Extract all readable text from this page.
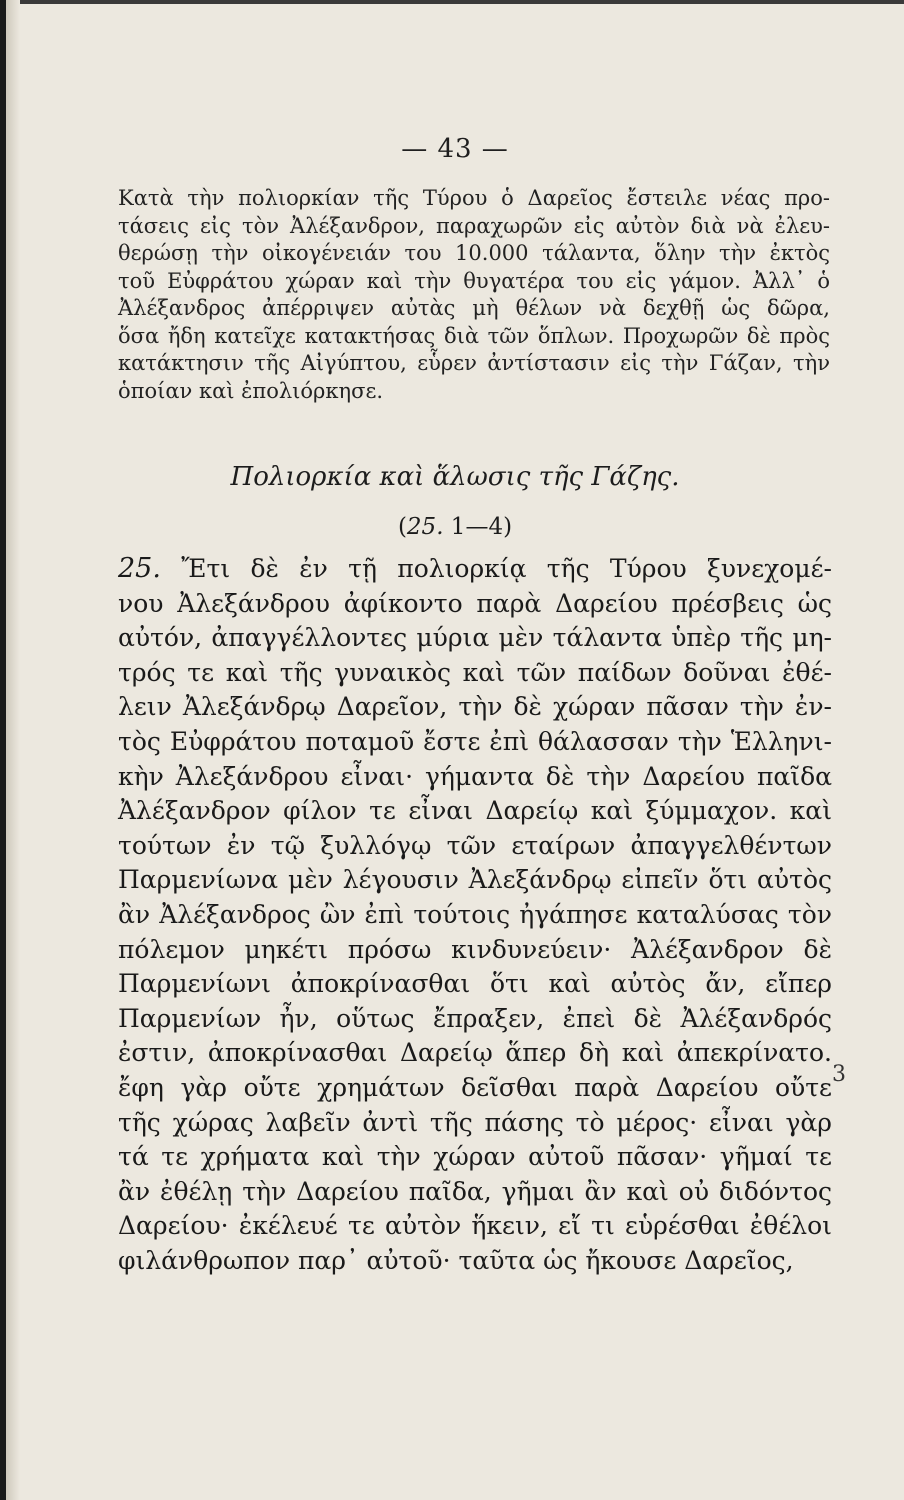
— 43 —

Κατὰ τὴν πολιορκίαν τῆς Τύρου ὁ Δαρεῖος ἔστειλε νέας προ-

τάσεις εἰς τὸν Ἀλέξανδρον, παραχωρῶν εἰς αὐτὸν διὰ νὰ ἐλευ-

θερώσῃ τὴν οἰκογένειάν του 10.000 τάλαντα, ὅλην τὴν ἐκτὸς

τοῦ Εὐφράτου χώραν καὶ τὴν θυγατέρα του εἰς γάμον. Ἀλλ᾽ ὁ

Ἀλέξανδρος ἀπέρριψεν αὐτὰς μὴ θέλων νὰ δεχθῇ ὡς δῶρα,

ὅσα ἤδη κατεῖχε κατακτήσας διὰ τῶν ὅπλων. Προχωρῶν δὲ πρὸς

κατάκτησιν τῆς Αἰγύπτου, εὗρεν ἀντίστασιν εἰς τὴν Γάζαν, τὴν

ὁποίαν καὶ ἐπολιόρκησε.

Πολιορκία καὶ ἅλωσις τῆς Γάζης.
(25. 1—4)

25. Ἔτι δὲ ἐν τῇ πολιορκίᾳ τῆς Τύρου ξυνεχομέ-

νου Ἀλεξάνδρου ἀφίκοντο παρὰ Δαρείου πρέσβεις ὡς

αὐτόν, ἀπαγγέλλοντες μύρια μὲν τάλαντα ὑπὲρ τῆς μη-

τρός τε καὶ τῆς γυναικὸς καὶ τῶν παίδων δοῦναι ἐθέ-

λειν Ἀλεξάνδρῳ Δαρεῖον, τὴν δὲ χώραν πᾶσαν τὴν ἐν-

τὸς Εὐφράτου ποταμοῦ ἔστε ἐπὶ θάλασσαν τὴν Ἑλληνι-

κὴν Ἀλεξάνδρου εἶναι· γήμαντα δὲ τὴν Δαρείου παῖδα

Ἀλέξανδρον φίλον τε εἶναι Δαρείῳ καὶ ξύμμαχον. καὶ

τούτων ἐν τῷ ξυλλόγῳ τῶν εταίρων ἀπαγγελθέντων

Παρμενίωνα μὲν λέγουσιν Ἀλεξάνδρῳ εἰπεῖν ὅτι αὐτὸς

ἂν Ἀλέξανδρος ὢν ἐπὶ τούτοις ἠγάπησε καταλύσας τὸν

πόλεμον μηκέτι πρόσω κινδυνεύειν· Ἀλέξανδρον δὲ

Παρμενίωνι ἀποκρίνασθαι ὅτι καὶ αὐτὸς ἄν, εἴπερ

Παρμενίων ἦν, οὕτως ἔπραξεν, ἐπεὶ δὲ Ἀλέξανδρός

ἐστιν, ἀποκρίνασθαι Δαρείῳ ἅπερ δὴ καὶ ἀπεκρίνατο.

ἔφη γὰρ οὔτε χρημάτων δεῖσθαι παρὰ Δαρείου οὔτε

τῆς χώρας λαβεῖν ἀντὶ τῆς πάσης τὸ μέρος· εἶναι γὰρ

τά τε χρήματα καὶ τὴν χώραν αὐτοῦ πᾶσαν· γῆμαί τε

ἂν ἐθέλῃ τὴν Δαρείου παῖδα, γῆμαι ἂν καὶ οὐ διδόντος

Δαρείου· ἐκέλευέ τε αὐτὸν ἥκειν, εἴ τι εὑρέσθαι ἐθέλοι

φιλάνθρωπον παρ᾽ αὐτοῦ· ταῦτα ὡς ἤκουσε Δαρεῖος,

3
